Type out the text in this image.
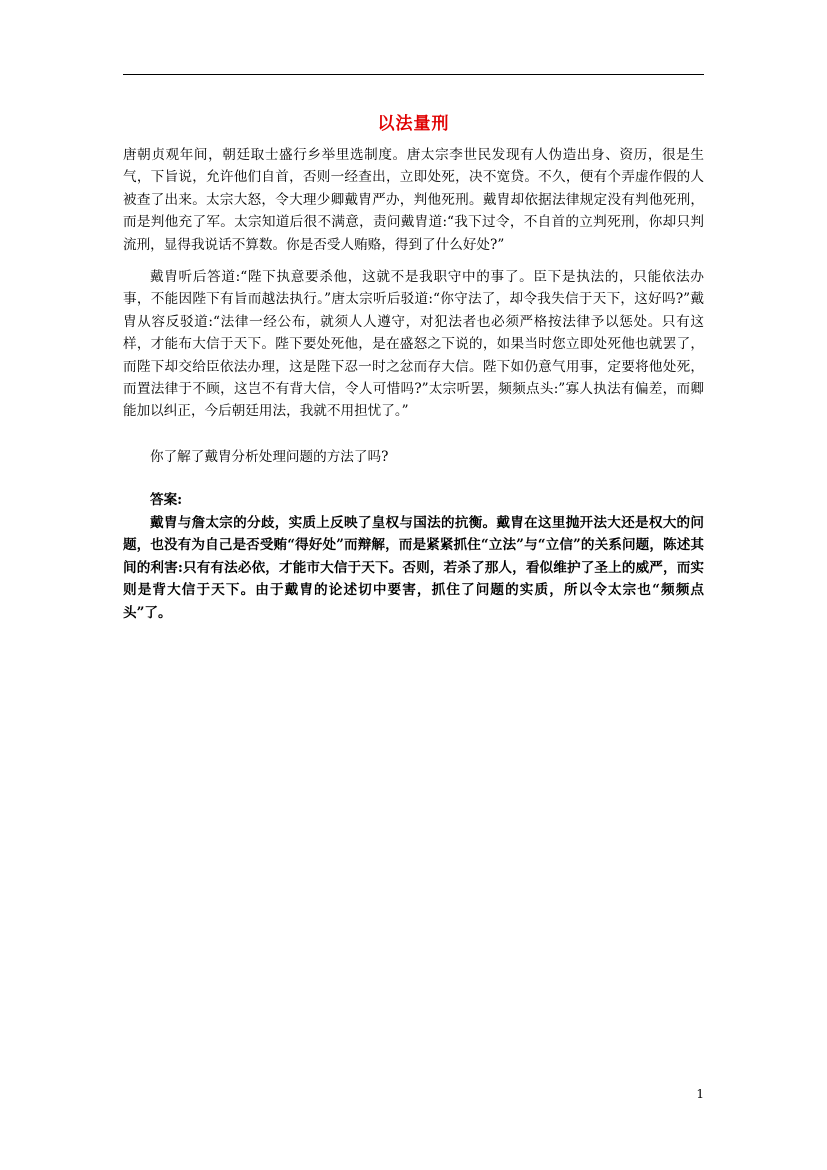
以法量刑

唐朝贞观年间，朝廷取士盛行乡举里选制度。唐太宗李世民发现有人伪造出身、资历，很是生气，下旨说，允许他们自首，否则一经查出，立即处死，决不宽贷。不久，便有个弄虚作假的人被查了出来。太宗大怒，令大理少卿戴胄严办，判他死刑。戴胄却依据法律规定没有判他死刑，而是判他充了军。太宗知道后很不满意，责问戴胄道:“我下过令，不自首的立判死刑，你却只判流刑，显得我说话不算数。你是否受人贿赂，得到了什么好处?”

戴胄听后答道:“陛下执意要杀他，这就不是我职守中的事了。臣下是执法的，只能依法办事，不能因陛下有旨而越法执行。”唐太宗听后驳道:“你守法了，却令我失信于天下，这好吗?”戴胄从容反驳道:“法律一经公布，就须人人遵守，对犯法者也必须严格按法律予以惩处。只有这样，才能布大信于天下。陛下要处死他，是在盛怒之下说的，如果当时您立即处死他也就罢了，而陛下却交给臣依法办理，这是陛下忍一时之忿而存大信。陛下如仍意气用事，定要将他处死，而置法律于不顾，这岂不有背大信，令人可惜吗?”太宗听罢，频频点头:”寡人执法有偏差，而卿能加以纠正，今后朝廷用法，我就不用担忧了。”

你了解了戴胄分析处理问题的方法了吗?

答案:

戴胄与詹太宗的分歧，实质上反映了皇权与国法的抗衡。戴胄在这里抛开法大还是权大的问题，也没有为自己是否受贿“得好处”而辩解，而是紧紧抓住“立法”与“立信”的关系问题，陈述其间的利害:只有有法必依，才能市大信于天下。否则，若杀了那人，看似维护了圣上的威严，而实则是背大信于天下。由于戴胄的论述切中要害，抓住了问题的实质，所以令太宗也“频频点头”了。

1
